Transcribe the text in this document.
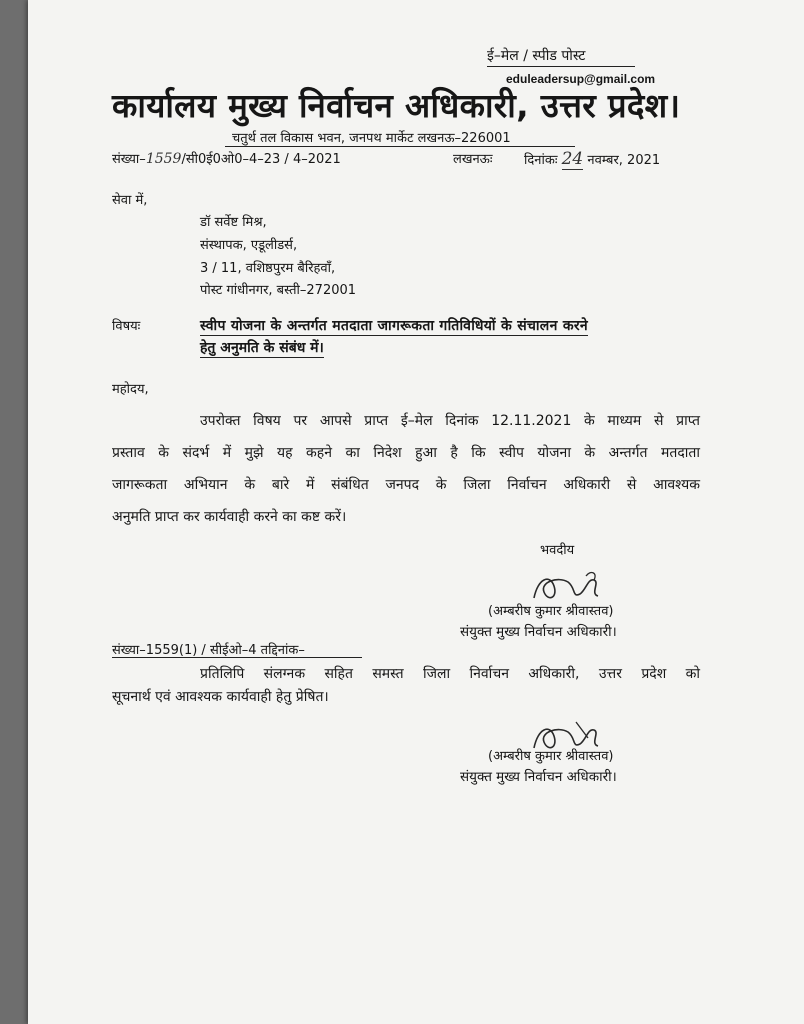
ई–मेल / स्पीड पोस्ट
eduleadersup@gmail.com
कार्यालय मुख्य निर्वाचन अधिकारी, उत्तर प्रदेश।
चतुर्थ तल विकास भवन, जनपथ मार्केट लखनऊ–226001
संख्या–1559/सी0ई0ओ0–4–23 / 4–2021	लखनऊः दिनांकः 24 नवम्बर, 2021
सेवा में,
डॉ सर्वेष्ट मिश्र,
संस्थापक, एडूलीडर्स,
3 / 11, वशिष्ठपुरम बैरिहवॉं,
पोस्ट गांधीनगर, बस्ती–272001
विषयः	स्वीप योजना के अन्तर्गत मतदाता जागरूकता गतिविधियों के संचालन करने
हेतु अनुमति के संबंध में।
महोदय,
उपरोक्त विषय पर आपसे प्राप्त ई–मेल दिनांक 12.11.2021 के माध्यम से प्राप्त
प्रस्ताव के संदर्भ में मुझे यह कहने का निदेश हुआ है कि स्वीप योजना के अन्तर्गत मतदाता
जागरूकता अभियान के बारे में संबंधित जनपद के जिला निर्वाचन अधिकारी से आवश्यक
अनुमति प्राप्त कर कार्यवाही करने का कष्ट करें।
भवदीय
(अम्बरीष कुमार श्रीवास्तव)
संयुक्त मुख्य निर्वाचन अधिकारी।
संख्या–1559(1) / सीईओ–4 तद्दिनांक–
प्रतिलिपि संलग्नक सहित समस्त जिला निर्वाचन अधिकारी, उत्तर प्रदेश को
सूचनार्थ एवं आवश्यक कार्यवाही हेतु प्रेषित।
(अम्बरीष कुमार श्रीवास्तव)
संयुक्त मुख्य निर्वाचन अधिकारी।
